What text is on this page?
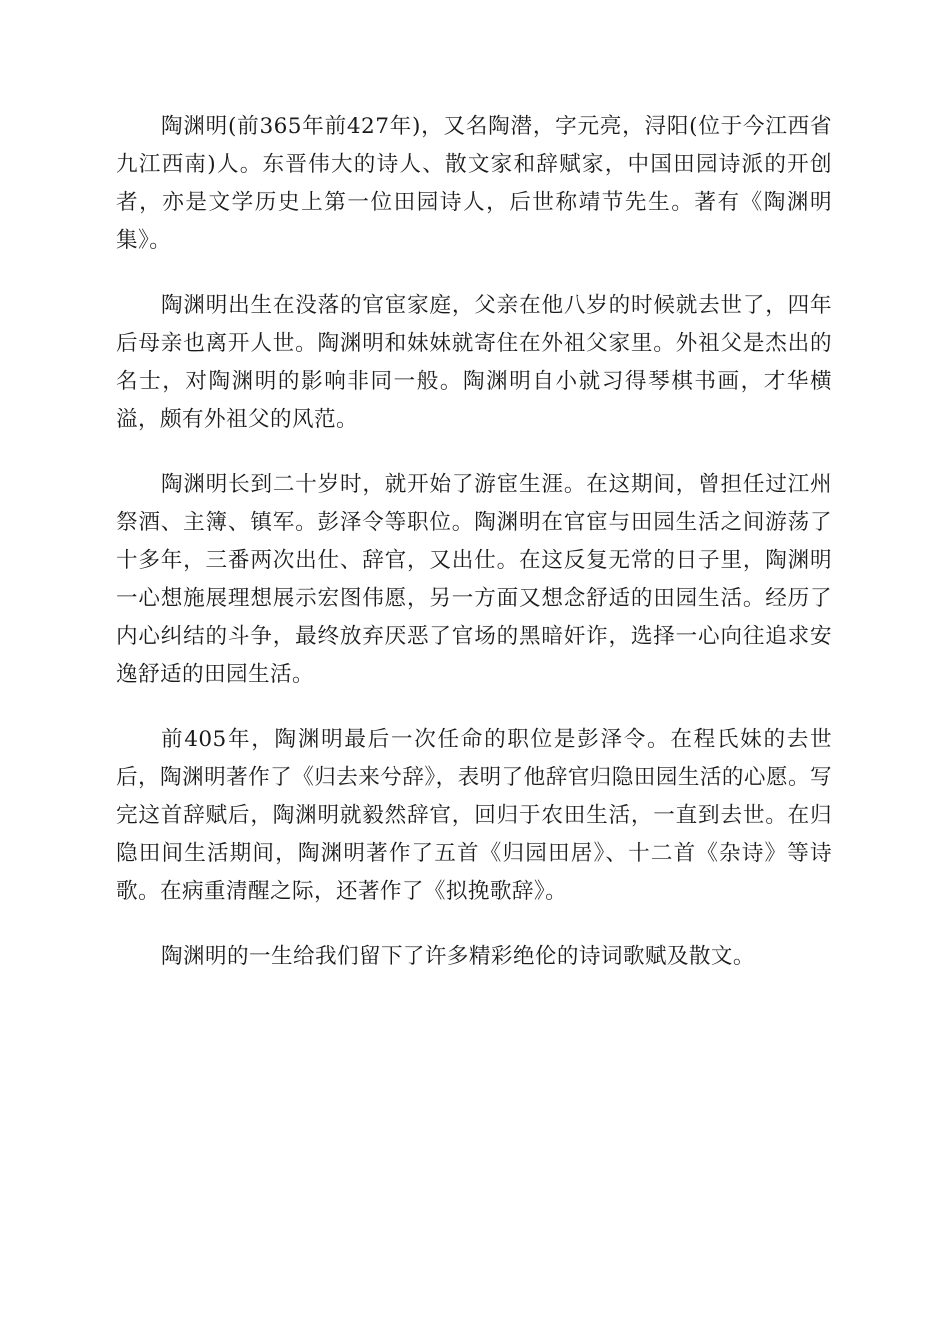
陶渊明(前365年前427年)，又名陶潜，字元亮，浔阳(位于今江西省九江西南)人。东晋伟大的诗人、散文家和辞赋家，中国田园诗派的开创者，亦是文学历史上第一位田园诗人，后世称靖节先生。著有《陶渊明集》。

陶渊明出生在没落的官宦家庭，父亲在他八岁的时候就去世了，四年后母亲也离开人世。陶渊明和妹妹就寄住在外祖父家里。外祖父是杰出的名士，对陶渊明的影响非同一般。陶渊明自小就习得琴棋书画，才华横溢，颇有外祖父的风范。

陶渊明长到二十岁时，就开始了游宦生涯。在这期间，曾担任过江州祭酒、主簿、镇军。彭泽令等职位。陶渊明在官宦与田园生活之间游荡了十多年，三番两次出仕、辞官，又出仕。在这反复无常的日子里，陶渊明一心想施展理想展示宏图伟愿，另一方面又想念舒适的田园生活。经历了内心纠结的斗争，最终放弃厌恶了官场的黑暗奸诈，选择一心向往追求安逸舒适的田园生活。

前405年，陶渊明最后一次任命的职位是彭泽令。在程氏妹的去世后，陶渊明著作了《归去来兮辞》，表明了他辞官归隐田园生活的心愿。写完这首辞赋后，陶渊明就毅然辞官，回归于农田生活，一直到去世。在归隐田间生活期间，陶渊明著作了五首《归园田居》、十二首《杂诗》等诗歌。在病重清醒之际，还著作了《拟挽歌辞》。

陶渊明的一生给我们留下了许多精彩绝伦的诗词歌赋及散文。
